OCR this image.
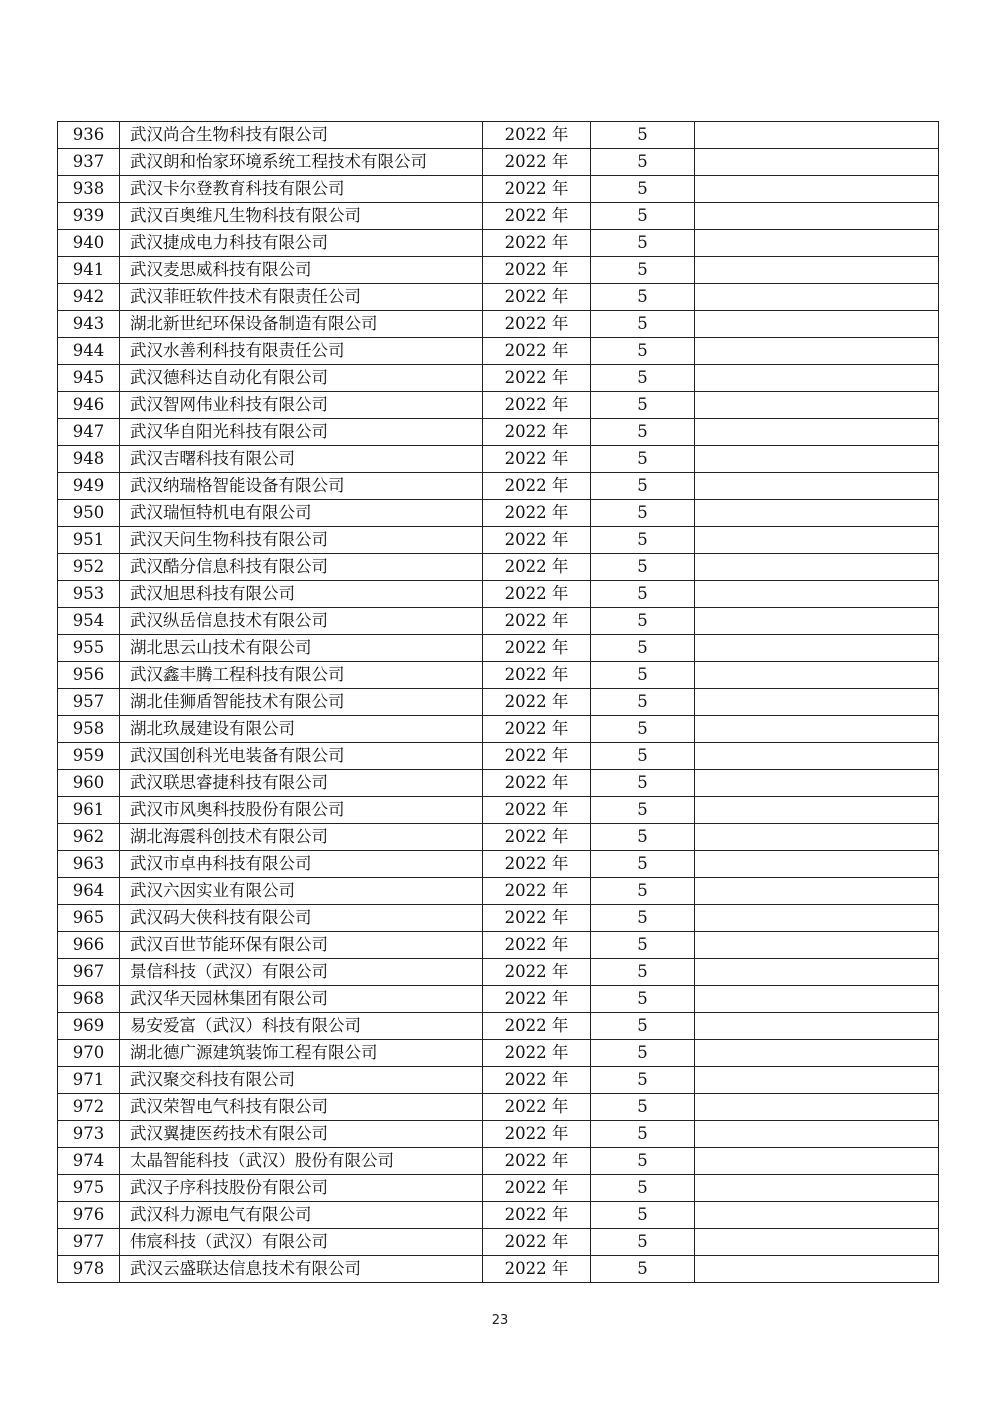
936	武汉尚合生物科技有限公司	2022 年	5	
937	武汉朗和怡家环境系统工程技术有限公司	2022 年	5	
938	武汉卡尔登教育科技有限公司	2022 年	5	
939	武汉百奥维凡生物科技有限公司	2022 年	5	
940	武汉捷成电力科技有限公司	2022 年	5	
941	武汉麦思威科技有限公司	2022 年	5	
942	武汉菲旺软件技术有限责任公司	2022 年	5	
943	湖北新世纪环保设备制造有限公司	2022 年	5	
944	武汉水善利科技有限责任公司	2022 年	5	
945	武汉德科达自动化有限公司	2022 年	5	
946	武汉智网伟业科技有限公司	2022 年	5	
947	武汉华自阳光科技有限公司	2022 年	5	
948	武汉吉曙科技有限公司	2022 年	5	
949	武汉纳瑞格智能设备有限公司	2022 年	5	
950	武汉瑞恒特机电有限公司	2022 年	5	
951	武汉天问生物科技有限公司	2022 年	5	
952	武汉酷分信息科技有限公司	2022 年	5	
953	武汉旭思科技有限公司	2022 年	5	
954	武汉纵岳信息技术有限公司	2022 年	5	
955	湖北思云山技术有限公司	2022 年	5	
956	武汉鑫丰腾工程科技有限公司	2022 年	5	
957	湖北佳狮盾智能技术有限公司	2022 年	5	
958	湖北玖晟建设有限公司	2022 年	5	
959	武汉国创科光电装备有限公司	2022 年	5	
960	武汉联思睿捷科技有限公司	2022 年	5	
961	武汉市风奥科技股份有限公司	2022 年	5	
962	湖北海震科创技术有限公司	2022 年	5	
963	武汉市卓冉科技有限公司	2022 年	5	
964	武汉六因实业有限公司	2022 年	5	
965	武汉码大侠科技有限公司	2022 年	5	
966	武汉百世节能环保有限公司	2022 年	5	
967	景信科技（武汉）有限公司	2022 年	5	
968	武汉华天园林集团有限公司	2022 年	5	
969	易安爱富（武汉）科技有限公司	2022 年	5	
970	湖北德广源建筑装饰工程有限公司	2022 年	5	
971	武汉聚交科技有限公司	2022 年	5	
972	武汉荣智电气科技有限公司	2022 年	5	
973	武汉翼捷医药技术有限公司	2022 年	5	
974	太晶智能科技（武汉）股份有限公司	2022 年	5	
975	武汉子序科技股份有限公司	2022 年	5	
976	武汉科力源电气有限公司	2022 年	5	
977	伟宸科技（武汉）有限公司	2022 年	5	
978	武汉云盛联达信息技术有限公司	2022 年	5	
23
